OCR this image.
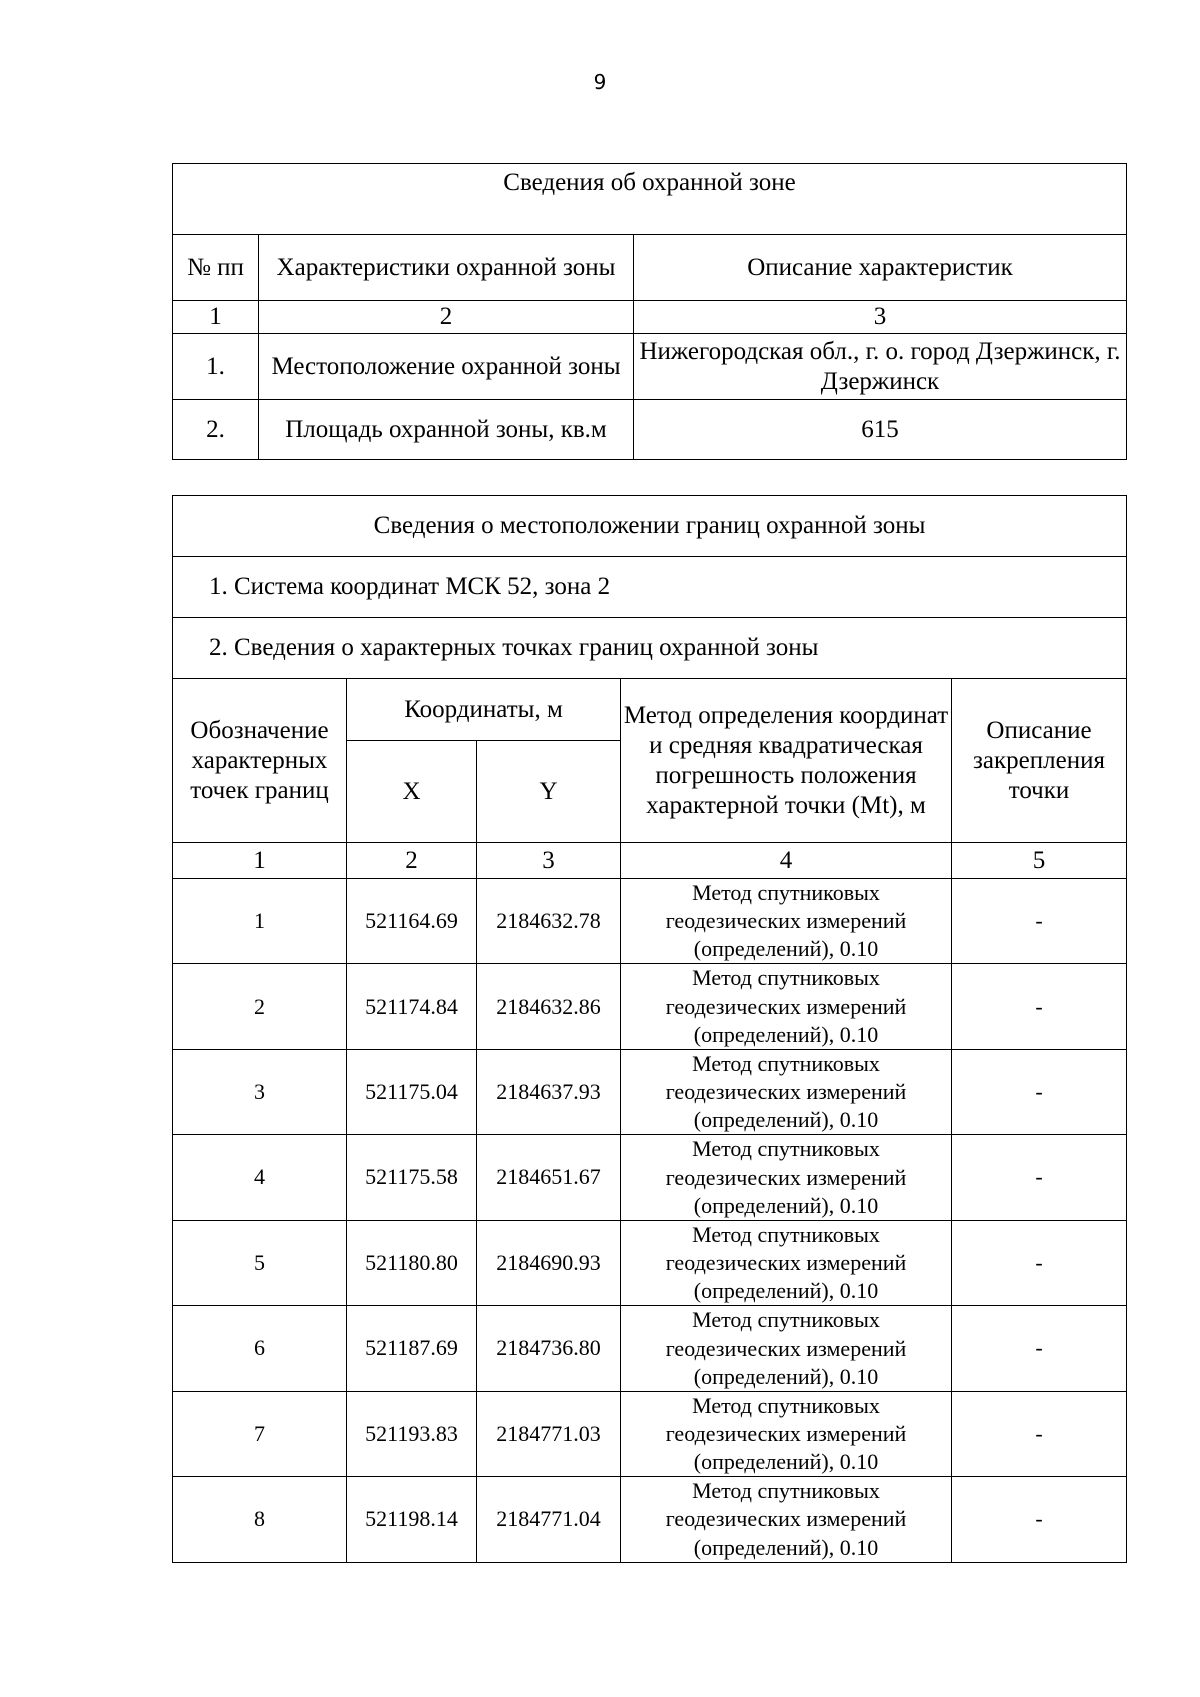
9
Сведения об охранной зоне		
№ пп	Характеристики охранной зоны	Описание характеристик
1	2	3
1.	Местоположение охранной зоны	Нижегородская обл., г. о. город Дзержинск, г. Дзержинск
2.	Площадь охранной зоны, кв.м	615
Сведения о местоположении границ охранной зоны				
1. Система координат МСК 52, зона 2				
2. Сведения о характерных точках границ охранной зоны				
Обозначение характерных точек границ	Координаты, м		Метод определения координат и средняя квадратическая погрешность положения характерной точки (Mt), м	Описание закрепления точки
	X	Y		
1	2	3	4	5
1	521164.69	2184632.78	Метод спутниковых геодезических измерений (определений), 0.10	-
2	521174.84	2184632.86	Метод спутниковых геодезических измерений (определений), 0.10	-
3	521175.04	2184637.93	Метод спутниковых геодезических измерений (определений), 0.10	-
4	521175.58	2184651.67	Метод спутниковых геодезических измерений (определений), 0.10	-
5	521180.80	2184690.93	Метод спутниковых геодезических измерений (определений), 0.10	-
6	521187.69	2184736.80	Метод спутниковых геодезических измерений (определений), 0.10	-
7	521193.83	2184771.03	Метод спутниковых геодезических измерений (определений), 0.10	-
8	521198.14	2184771.04	Метод спутниковых геодезических измерений (определений), 0.10	-
